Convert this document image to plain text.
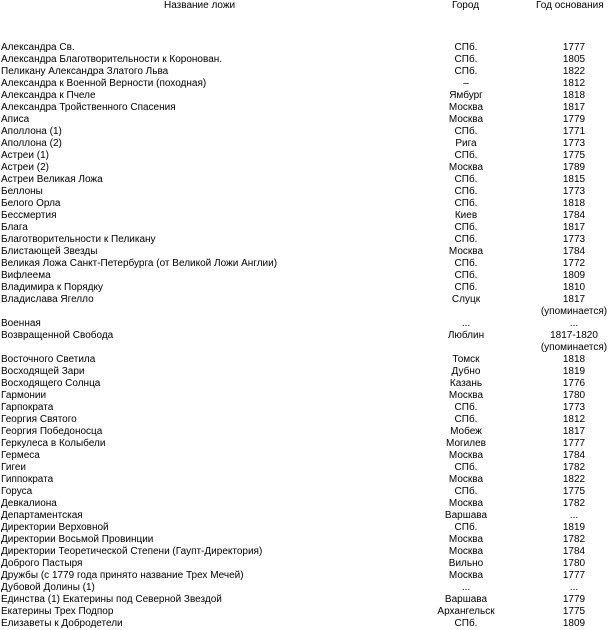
Название ложи	Город	Год основания
Александра Св.	СПб.	1777
Александра Благотворительности к Коронован.	СПб.	1805
Пеликану Александра Златого Льва	СПб.	1822
Александра к Военной Верности (походная)	–	1812
Александра к Пчеле	Ямбург	1818
Александра Тройственного Спасения	Москва	1817
Аписа	Москва	1779
Аполлона (1)	СПб.	1771
Аполлона (2)	Рига	1773
Астреи (1)	СПб.	1775
Астреи (2)	Москва	1789
Астреи Великая Ложа	СПб.	1815
Беллоны	СПб.	1773
Белого Орла	СПб.	1818
Бессмертия	Киев	1784
Блага	СПб.	1817
Благотворительности к Пеликану	СПб.	1773
Блистающей Звезды	Москва	1784
Великая Ложа Санкт-Петербурга (от Великой Ложи Англии)	СПб.	1772
Вифлеема	СПб.	1809
Владимира к Порядку	СПб.	1810
Владислава Ягелло	Слуцк	1817
(упоминается)
Военная	...	...
Возвращенной Свобода	Люблин	1817-1820
(упоминается)
Восточного Светила	Томск	1818
Восходящей Зари	Дубно	1819
Восходящего Солнца	Казань	1776
Гармонии	Москва	1780
Гарпократа	СПб.	1773
Георгия Святого	СПб.	1812
Георгия Победоносца	Мобеж	1817
Геркулеса в Колыбели	Могилев	1777
Гермеса	Москва	1784
Гигеи	СПб.	1782
Гиппократа	Москва	1822
Горуса	СПб.	1775
Девкалиона	Москва	1782
Департаментская	Варшава	...
Директории Верховной	СПб.	1819
Директории Восьмой Провинции	Москва	1782
Директории Теоретической Степени (Гаупт-Директория)	Москва	1784
Доброго Пастыря	Вильно	1780
Дружбы (с 1779 года принято название Трех Мечей)	Москва	1777
Дубовой Долины (1)	...	...
Единства (1) Екатерины под Северной Звездой	Варшава	1779
Екатерины Трех Подпор	Архангельск	1775
Елизаветы к Добродетели	СПб.	1809
